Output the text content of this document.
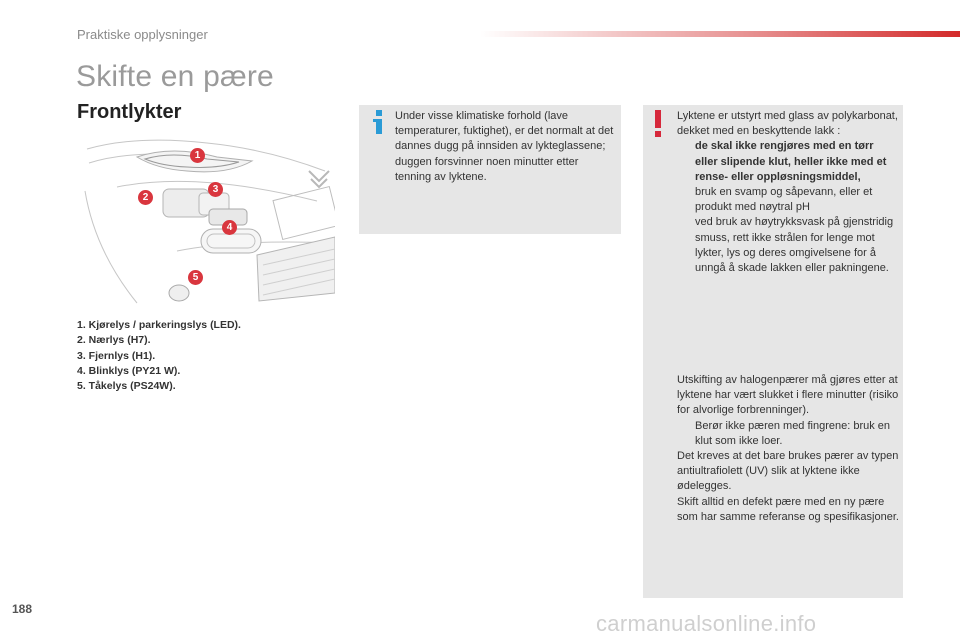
Praktiske opplysninger
Skifte en pære
Frontlykter
1
2
3
4
5
1. Kjørelys / parkeringslys (LED).
2. Nærlys (H7).
3. Fjernlys (H1).
4. Blinklys (PY21 W).
5. Tåkelys (PS24W).

Under visse klimatiske forhold (lave temperaturer, fuktighet), er det normalt at det dannes dugg på innsiden av lykteglassene; duggen forsvinner noen minutter etter tenning av lyktene.

Lyktene er utstyrt med glass av polykarbonat, dekket med en beskyttende lakk :

de skal ikke rengjøres med en tørr eller slipende klut, heller ikke med et rense- eller oppløsningsmiddel,
bruk en svamp og såpevann, eller et produkt med nøytral pH
ved bruk av høytrykksvask på gjenstridig smuss, rett ikke strålen for lenge mot lykter, lys og deres omgivelsene for å unngå å skade lakken eller pakningene.

Utskifting av halogenpærer må gjøres etter at lyktene har vært slukket i flere minutter (risiko for alvorlige forbrenninger).

Berør ikke pæren med fingrene: bruk en klut som ikke loer.

Det kreves at det bare brukes pærer av typen antiultrafiolett (UV) slik at lyktene ikke ødelegges.

Skift alltid en defekt pære med en ny pære som har samme referanse og spesifikasjoner.

188
carmanualsonline.info
